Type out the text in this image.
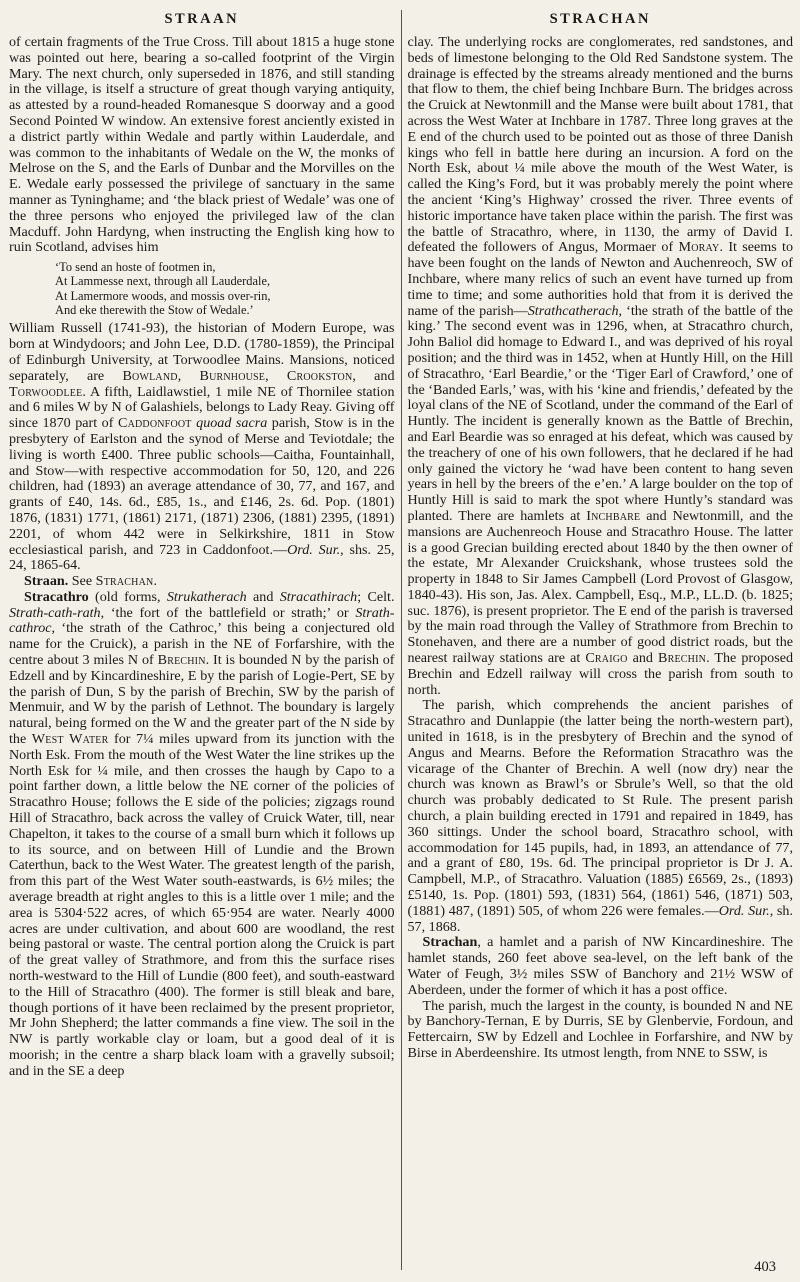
STRAAN

of certain fragments of the True Cross. Till about 1815 a huge stone was pointed out here, bearing a so-called footprint of the Virgin Mary. The next church, only superseded in 1876, and still standing in the village, is itself a structure of great though varying antiquity, as attested by a round-headed Romanesque S doorway and a good Second Pointed W window. An extensive forest anciently existed in a district partly within Wedale and partly within Lauderdale, and was common to the inhabitants of Wedale on the W, the monks of Melrose on the S, and the Earls of Dunbar and the Morvilles on the E. Wedale early possessed the privilege of sanctuary in the same manner as Tyninghame; and ‘the black priest of Wedale’ was one of the three persons who enjoyed the privileged law of the clan Macduff. John Hardyng, when instructing the English king how to ruin Scotland, advises him

‘To send an hoste of footmen in,
At Lammesse next, through all Lauderdale,
At Lamermore woods, and mossis over-rin,
And eke therewith the Stow of Wedale.’

William Russell (1741-93), the historian of Modern Europe, was born at Windydoors; and John Lee, D.D. (1780-1859), the Principal of Edinburgh University, at Torwoodlee Mains. Mansions, noticed separately, are Bowland, Burnhouse, Crookston, and Torwoodlee. A fifth, Laidlawstiel, 1 mile NE of Thornilee station and 6 miles W by N of Galashiels, belongs to Lady Reay. Giving off since 1870 part of Caddonfoot quoad sacra parish, Stow is in the presbytery of Earlston and the synod of Merse and Teviotdale; the living is worth £400. Three public schools—Caitha, Fountainhall, and Stow—with respective accommodation for 50, 120, and 226 children, had (1893) an average attendance of 30, 77, and 167, and grants of £40, 14s. 6d., £85, 1s., and £146, 2s. 6d. Pop. (1801) 1876, (1831) 1771, (1861) 2171, (1871) 2306, (1881) 2395, (1891) 2201, of whom 442 were in Selkirkshire, 1811 in Stow ecclesiastical parish, and 723 in Caddonfoot.—Ord. Sur., shs. 25, 24, 1865-64.

Straan. See Strachan.

Stracathro (old forms, Strukatherach and Stracathirach; Celt. Strath-cath-rath, ‘the fort of the battlefield or strath;’ or Strath-cathroc, ‘the strath of the Cathroc,’ this being a conjectured old name for the Cruick), a parish in the NE of Forfarshire, with the centre about 3 miles N of Brechin. It is bounded N by the parish of Edzell and by Kincardineshire, E by the parish of Logie-Pert, SE by the parish of Dun, S by the parish of Brechin, SW by the parish of Menmuir, and W by the parish of Lethnot. The boundary is largely natural, being formed on the W and the greater part of the N side by the West Water for 7¼ miles upward from its junction with the North Esk. From the mouth of the West Water the line strikes up the North Esk for ¼ mile, and then crosses the haugh by Capo to a point farther down, a little below the NE corner of the policies of Stracathro House; follows the E side of the policies; zigzags round Hill of Stracathro, back across the valley of Cruick Water, till, near Chapelton, it takes to the course of a small burn which it follows up to its source, and on between Hill of Lundie and the Brown Caterthun, back to the West Water. The greatest length of the parish, from this part of the West Water south-eastwards, is 6½ miles; the average breadth at right angles to this is a little over 1 mile; and the area is 5304·522 acres, of which 65·954 are water. Nearly 4000 acres are under cultivation, and about 600 are woodland, the rest being pastoral or waste. The central portion along the Cruick is part of the great valley of Strathmore, and from this the surface rises north-westward to the Hill of Lundie (800 feet), and south-eastward to the Hill of Stracathro (400). The former is still bleak and bare, though portions of it have been reclaimed by the present proprietor, Mr John Shepherd; the latter commands a fine view. The soil in the NW is partly workable clay or loam, but a good deal of it is moorish; in the centre a sharp black loam with a gravelly subsoil; and in the SE a deep

STRACHAN

clay. The underlying rocks are conglomerates, red sandstones, and beds of limestone belonging to the Old Red Sandstone system. The drainage is effected by the streams already mentioned and the burns that flow to them, the chief being Inchbare Burn. The bridges across the Cruick at Newtonmill and the Manse were built about 1781, that across the West Water at Inchbare in 1787. Three long graves at the E end of the church used to be pointed out as those of three Danish kings who fell in battle here during an incursion. A ford on the North Esk, about ¼ mile above the mouth of the West Water, is called the King’s Ford, but it was probably merely the point where the ancient ‘King’s Highway’ crossed the river. Three events of historic importance have taken place within the parish. The first was the battle of Stracathro, where, in 1130, the army of David I. defeated the followers of Angus, Mormaer of Moray. It seems to have been fought on the lands of Newton and Auchenreoch, SW of Inchbare, where many relics of such an event have turned up from time to time; and some authorities hold that from it is derived the name of the parish—Strathcatherach, ‘the strath of the battle of the king.’ The second event was in 1296, when, at Stracathro church, John Baliol did homage to Edward I., and was deprived of his royal position; and the third was in 1452, when at Huntly Hill, on the Hill of Stracathro, ‘Earl Beardie,’ or the ‘Tiger Earl of Crawford,’ one of the ‘Banded Earls,’ was, with his ‘kine and friendis,’ defeated by the loyal clans of the NE of Scotland, under the command of the Earl of Huntly. The incident is generally known as the Battle of Brechin, and Earl Beardie was so enraged at his defeat, which was caused by the treachery of one of his own followers, that he declared if he had only gained the victory he ‘wad have been content to hang seven years in hell by the breers of the e’en.’ A large boulder on the top of Huntly Hill is said to mark the spot where Huntly’s standard was planted. There are hamlets at Inchbare and Newtonmill, and the mansions are Auchenreoch House and Stracathro House. The latter is a good Grecian building erected about 1840 by the then owner of the estate, Mr Alexander Cruickshank, whose trustees sold the property in 1848 to Sir James Campbell (Lord Provost of Glasgow, 1840-43). His son, Jas. Alex. Campbell, Esq., M.P., LL.D. (b. 1825; suc. 1876), is present proprietor. The E end of the parish is traversed by the main road through the Valley of Strathmore from Brechin to Stonehaven, and there are a number of good district roads, but the nearest railway stations are at Craigo and Brechin. The proposed Brechin and Edzell railway will cross the parish from south to north.

The parish, which comprehends the ancient parishes of Stracathro and Dunlappie (the latter being the north-western part), united in 1618, is in the presbytery of Brechin and the synod of Angus and Mearns. Before the Reformation Stracathro was the vicarage of the Chanter of Brechin. A well (now dry) near the church was known as Brawl’s or Sbrule’s Well, so that the old church was probably dedicated to St Rule. The present parish church, a plain building erected in 1791 and repaired in 1849, has 360 sittings. Under the school board, Stracathro school, with accommodation for 145 pupils, had, in 1893, an attendance of 77, and a grant of £80, 19s. 6d. The principal proprietor is Dr J. A. Campbell, M.P., of Stracathro. Valuation (1885) £6569, 2s., (1893) £5140, 1s. Pop. (1801) 593, (1831) 564, (1861) 546, (1871) 503, (1881) 487, (1891) 505, of whom 226 were females.—Ord. Sur., sh. 57, 1868.

Strachan, a hamlet and a parish of NW Kincardineshire. The hamlet stands, 260 feet above sea-level, on the left bank of the Water of Feugh, 3½ miles SSW of Banchory and 21½ WSW of Aberdeen, under the former of which it has a post office.

The parish, much the largest in the county, is bounded N and NE by Banchory-Ternan, E by Durris, SE by Glenbervie, Fordoun, and Fettercairn, SW by Edzell and Lochlee in Forfarshire, and NW by Birse in Aberdeenshire. Its utmost length, from NNE to SSW, is

403
